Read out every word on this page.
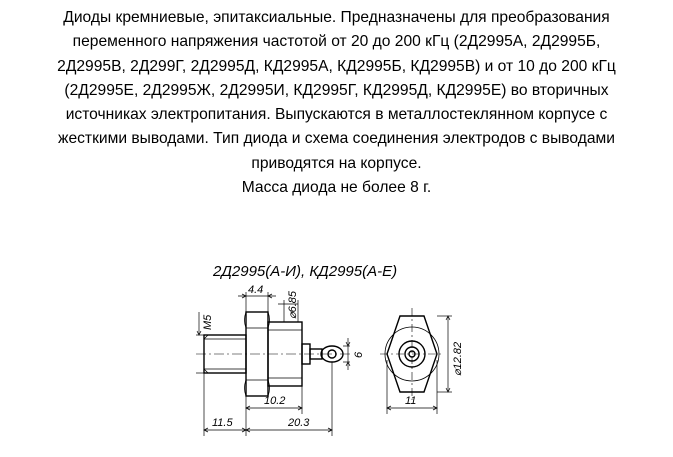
Диоды кремниевые, эпитаксиальные. Предназначены для преобразования
переменного напряжения частотой от 20 до 200 кГц (2Д2995А, 2Д2995Б,
2Д2995В, 2Д299Г, 2Д2995Д, КД2995А, КД2995Б, КД2995В) и от 10 до 200 кГц
(2Д2995Е, 2Д2995Ж, 2Д2995И, КД2995Г, КД2995Д, КД2995Е) во вторичных
источниках электропитания. Выпускаются в металлостеклянном корпусе с
жесткими выводами. Тип диода и схема соединения электродов с выводами
приводятся на корпусе.
Масса диода не более 8 г.
2Д2995(А-И), КД2995(А-Е)
M5
4.4
⌀6.85
6
10.2
11.5	20.3
⌀12.82
11
